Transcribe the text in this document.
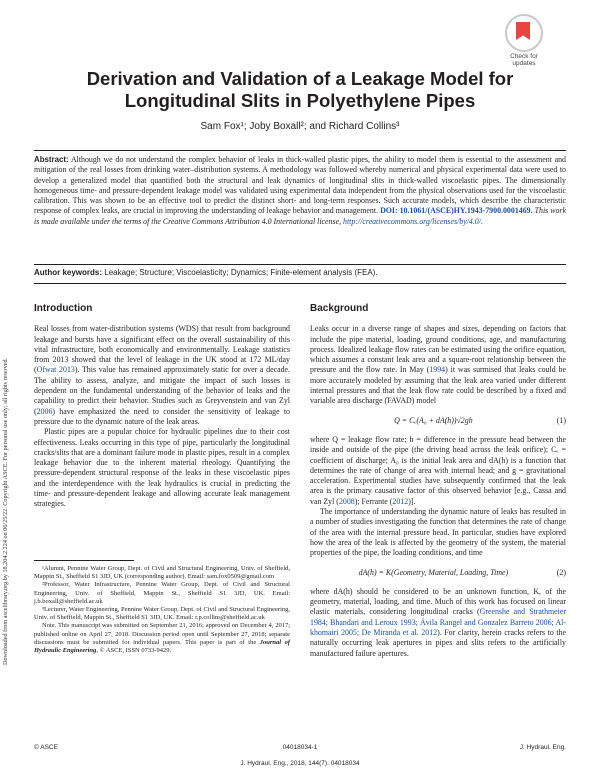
Downloaded from ascelibrary.org by 18.204.2.224 on 06/25/22. Copyright ASCE. For personal use only; all rights reserved.
Check for
updates
Derivation and Validation of a Leakage Model for Longitudinal Slits in Polyethylene Pipes
Sam Fox¹; Joby Boxall²; and Richard Collins³
Abstract: Although we do not understand the complex behavior of leaks in thick-walled plastic pipes, the ability to model them is essential to the assessment and mitigation of the real losses from drinking water–distribution systems. A methodology was followed whereby numerical and physical experimental data were used to develop a generalized model that quantified both the structural and leak dynamics of longitudinal slits in thick-walled viscoelastic pipes. The dimensionally homogeneous time- and pressure-dependent leakage model was validated using experimental data independent from the physical observations used for the viscoelastic calibration. This was shown to be an effective tool to predict the distinct short- and long-term responses. Such accurate models, which describe the characteristic response of complex leaks, are crucial in improving the understanding of leakage behavior and management. DOI: 10.1061/(ASCE)HY.1943-7900.0001469. This work is made available under the terms of the Creative Commons Attribution 4.0 International license, http://creativecommons.org/licenses/by/4.0/.
Author keywords: Leakage; Structure; Viscoelasticity; Dynamics; Finite-element analysis (FEA).
Introduction

Real losses from water-distribution systems (WDS) that result from background leakage and bursts have a significant effect on the overall sustainability of this vital infrastructure, both economically and environmentally. Leakage statistics from 2013 showed that the level of leakage in the UK stood at 172 ML/day (Ofwat 2013). This value has remained approximately static for over a decade. The ability to assess, analyze, and mitigate the impact of such losses is dependent on the fundamental understanding of the behavior of leaks and the capability to predict their behavior. Studies such as Greyvenstein and van Zyl (2006) have emphasized the need to consider the sensitivity of leakage to pressure due to the dynamic nature of the leak areas.

Plastic pipes are a popular choice for hydraulic pipelines due to their cost effectiveness. Leaks occurring in this type of pipe, particularly the longitudinal cracks/slits that are a dominant failure mode in plastic pipes, result in a complex leakage behavior due to the inherent material rheology. Quantifying the pressure-dependent structural response of the leaks in these viscoelastic pipes and the interdependence with the leak hydraulics is crucial in predicting the time- and pressure-dependent leakage and allowing accurate leak management strategies.

¹Alumni, Pennine Water Group, Dept. of Civil and Structural Engineering, Univ. of Sheffield, Mappin St., Sheffield S1 3JD, UK (corresponding author). Email: sam.fox0509@gmail.com

²Professor, Water Infrastructure, Pennine Water Group, Dept. of Civil and Structural Engineering, Univ. of Sheffield, Mappin St., Sheffield S1 3JD, UK. Email: j.b.boxall@sheffield.ac.uk

³Lecturer, Water Engineering, Pennine Water Group, Dept. of Civil and Structural Engineering, Univ. of Sheffield, Mappin St., Sheffield S1 3JD, UK. Email: r.p.collins@sheffield.ac.uk

Note. This manuscript was submitted on September 21, 2016; approved on December 4, 2017; published online on April 27, 2018. Discussion period open until September 27, 2018; separate discussions must be submitted for individual papers. This paper is part of the Journal of Hydraulic Engineering, © ASCE, ISSN 0733-9429.

Background

Leaks occur in a diverse range of shapes and sizes, depending on factors that include the pipe material, loading, ground conditions, age, and manufacturing process. Idealized leakage flow rates can be estimated using the orifice equation, which assumes a constant leak area and a square-root relationship between the pressure and the flow rate. In May (1994) it was surmised that leaks could be more accurately modeled by assuming that the leak area varied under different internal pressures and that the leak flow rate could be described by a fixed and variable area discharge (FAVAD) model

Q = Cₑ(A₀ + dA(h))√2gh	(1)

where Q = leakage flow rate; h = difference in the pressure head between the inside and outside of the pipe (the driving head across the leak orifice); Cₑ = coefficient of discharge; A₀ is the initial leak area and dA(h) is a function that determines the rate of change of area with internal head; and g = gravitational acceleration. Experimental studies have subsequently confirmed that the leak area is the primary causative factor of this observed behavior [e.g., Cassa and van Zyl (2008); Ferrante (2012)].

The importance of understanding the dynamic nature of leaks has resulted in a number of studies investigating the function that determines the rate of change of the area with the internal pressure head. In particular, studies have explored how the area of the leak is affected by the geometry of the system, the material properties of the pipe, the loading conditions, and time

dA(h) = K(Geometry, Material, Loading, Time)	(2)

where dA(h) should be considered to be an unknown function, K, of the geometry, material, loading, and time. Much of this work has focused on linear elastic materials, considering longitudinal cracks (Greenshe and Strathmeier 1984; Bhandari and Leroux 1993; Ávila Rangel and Gonzalez Barreto 2006; Al-khomairi 2005; De Miranda et al. 2012). For clarity, herein cracks refers to the naturally occurring leak apertures in pipes and slits refers to the artificially manufactured failure apertures.

© ASCE	04018034-1	J. Hydraul. Eng.
J. Hydraul. Eng., 2018, 144(7): 04018034
